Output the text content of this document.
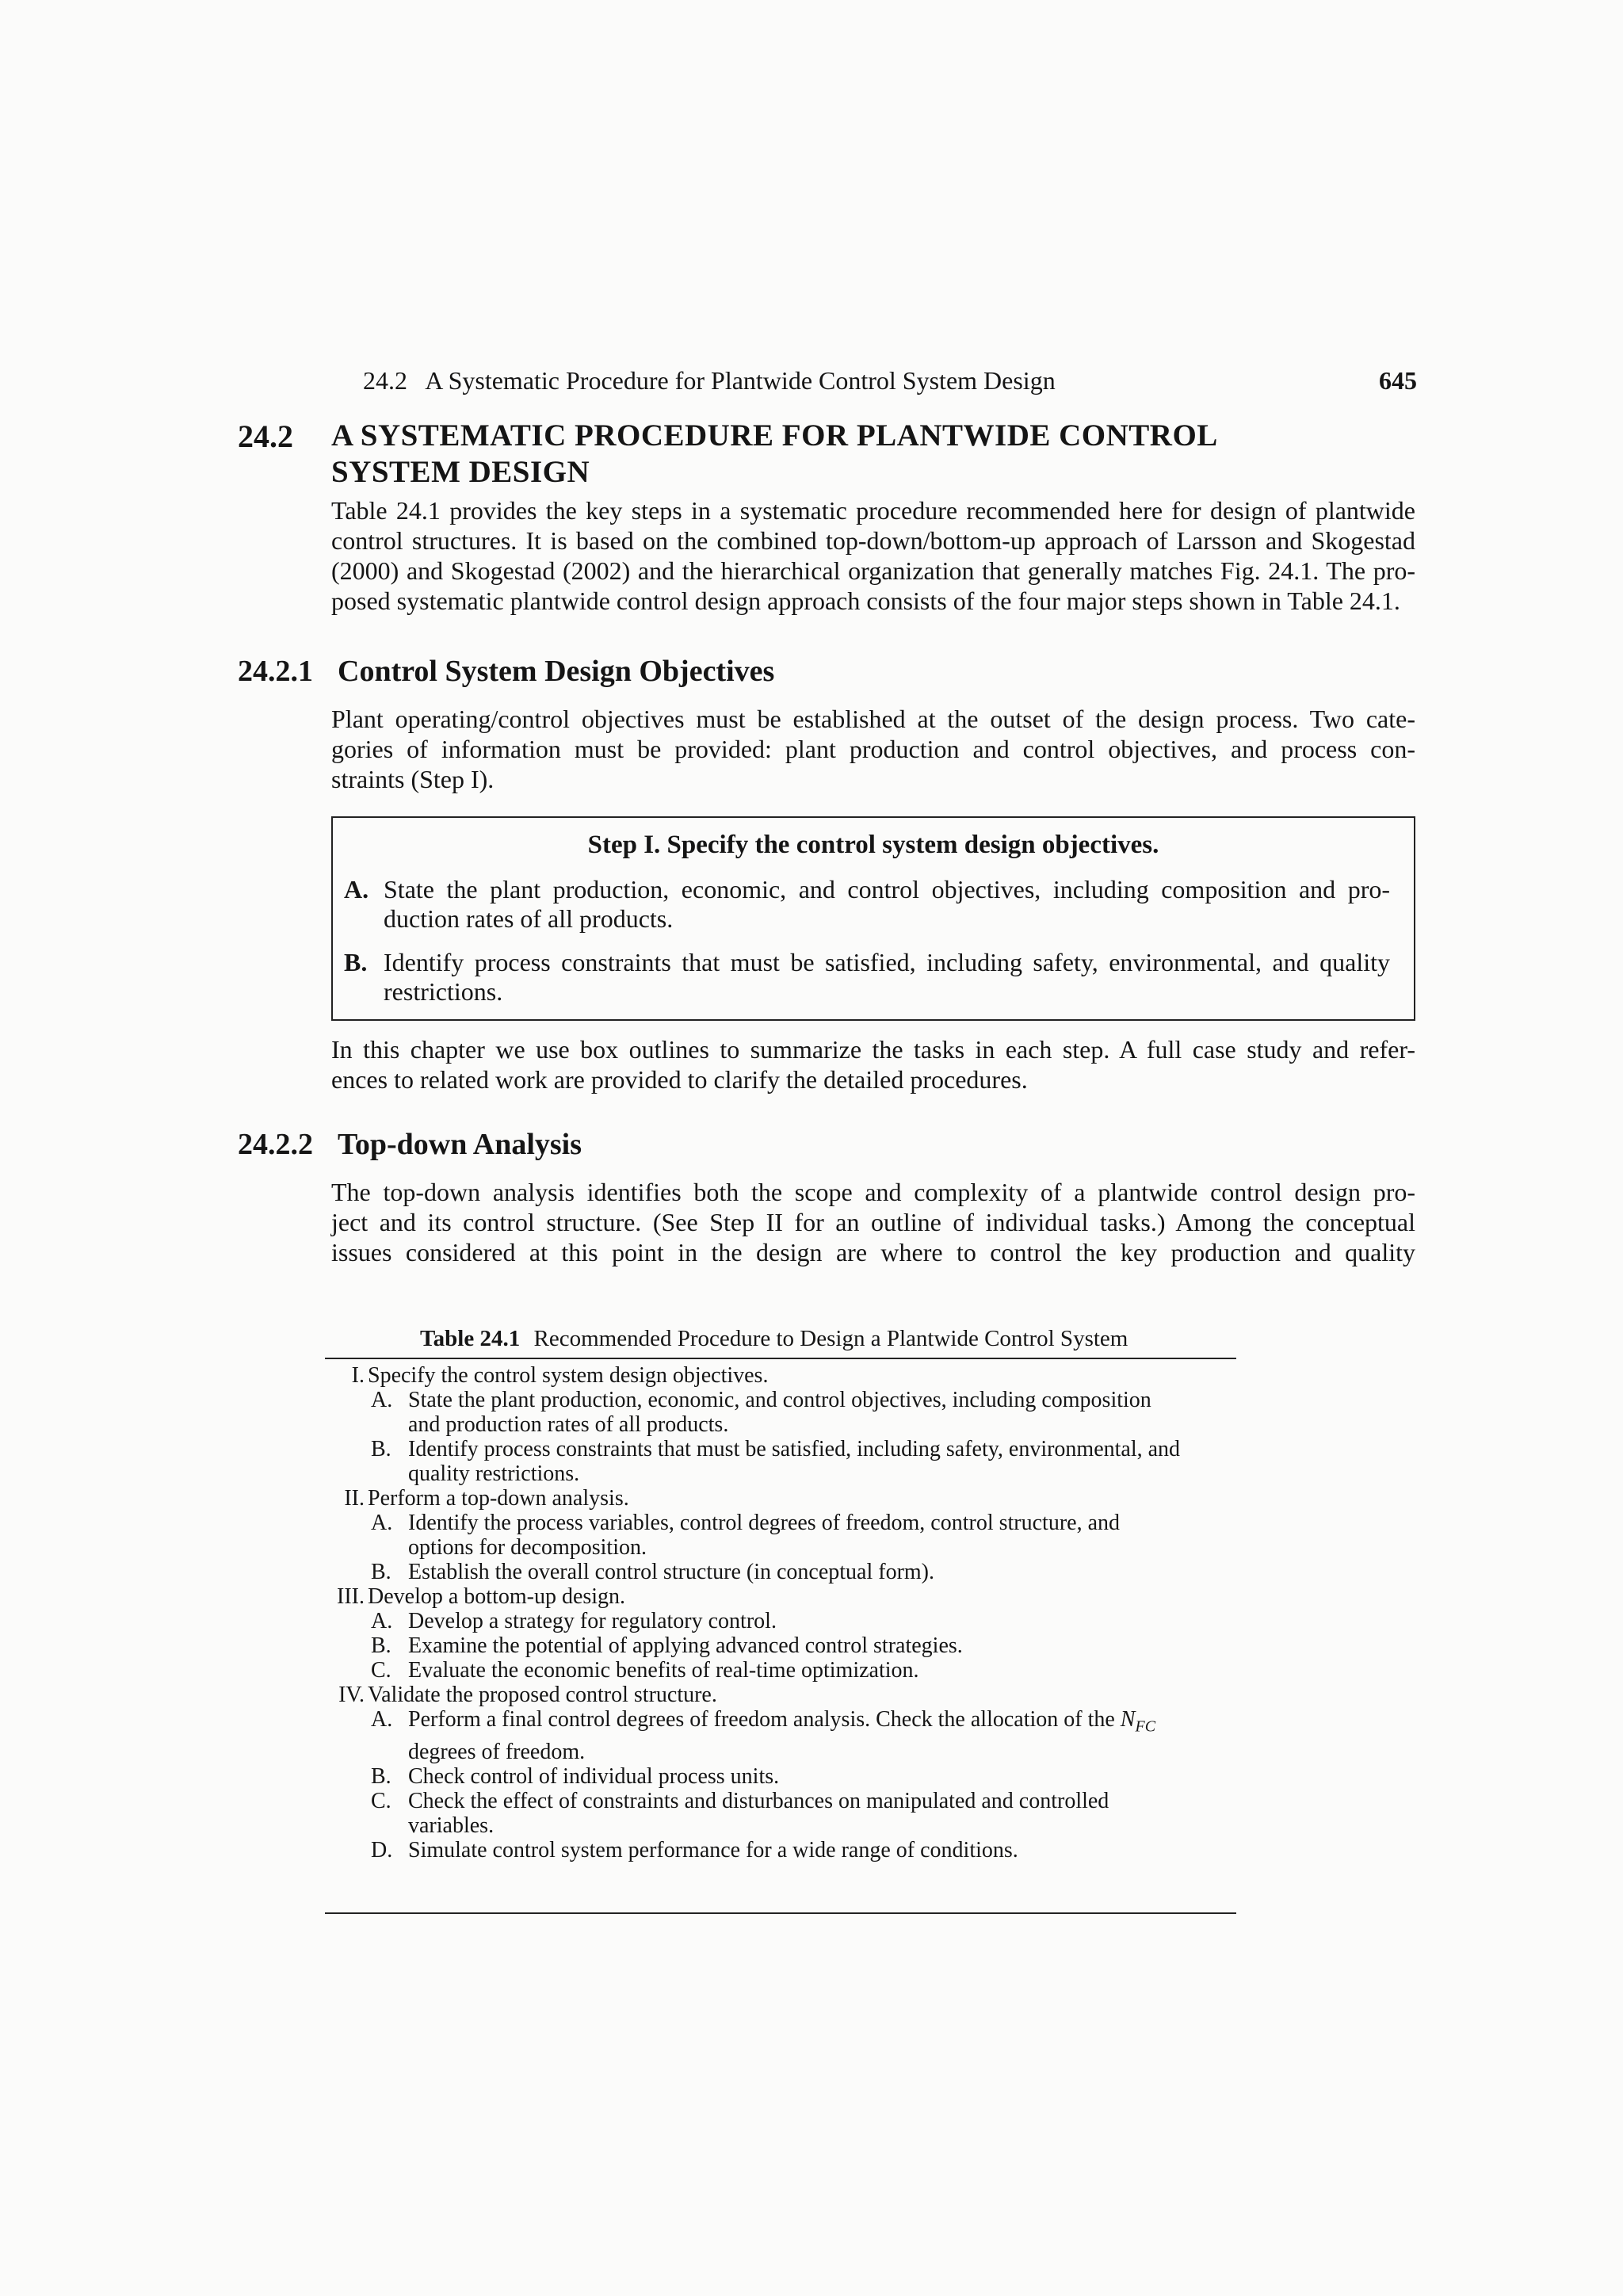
24.2   A Systematic Procedure for Plantwide Control System Design	645
24.2 A SYSTEMATIC PROCEDURE FOR PLANTWIDE CONTROL
SYSTEM DESIGN
Table 24.1 provides the key steps in a systematic procedure recommended here for design of plantwide
control structures. It is based on the combined top-down/bottom-up approach of Larsson and Skogestad
(2000) and Skogestad (2002) and the hierarchical organization that generally matches Fig. 24.1. The pro-
posed systematic plantwide control design approach consists of the four major steps shown in Table 24.1.
24.2.1 Control System Design Objectives
Plant operating/control objectives must be established at the outset of the design process. Two cate-
gories of information must be provided: plant production and control objectives, and process con-
straints (Step I).
Step I. Specify the control system design objectives.
A. State the plant production, economic, and control objectives, including composition and pro-
duction rates of all products.
B. Identify process constraints that must be satisfied, including safety, environmental, and quality
restrictions.
In this chapter we use box outlines to summarize the tasks in each step. A full case study and refer-
ences to related work are provided to clarify the detailed procedures.
24.2.2 Top-down Analysis
The top-down analysis identifies both the scope and complexity of a plantwide control design pro-
ject and its control structure. (See Step II for an outline of individual tasks.) Among the conceptual
issues considered at this point in the design are where to control the key production and quality
Table 24.1 Recommended Procedure to Design a Plantwide Control System
I. Specify the control system design objectives.
A. State the plant production, economic, and control objectives, including composition
and production rates of all products.
B. Identify process constraints that must be satisfied, including safety, environmental, and
quality restrictions.
II. Perform a top-down analysis.
A. Identify the process variables, control degrees of freedom, control structure, and
options for decomposition.
B. Establish the overall control structure (in conceptual form).
III. Develop a bottom-up design.
A. Develop a strategy for regulatory control.
B. Examine the potential of applying advanced control strategies.
C. Evaluate the economic benefits of real-time optimization.
IV. Validate the proposed control structure.
A. Perform a final control degrees of freedom analysis. Check the allocation of the $N_{FC}$
degrees of freedom.
B. Check control of individual process units.
C. Check the effect of constraints and disturbances on manipulated and controlled
variables.
D. Simulate control system performance for a wide range of conditions.
